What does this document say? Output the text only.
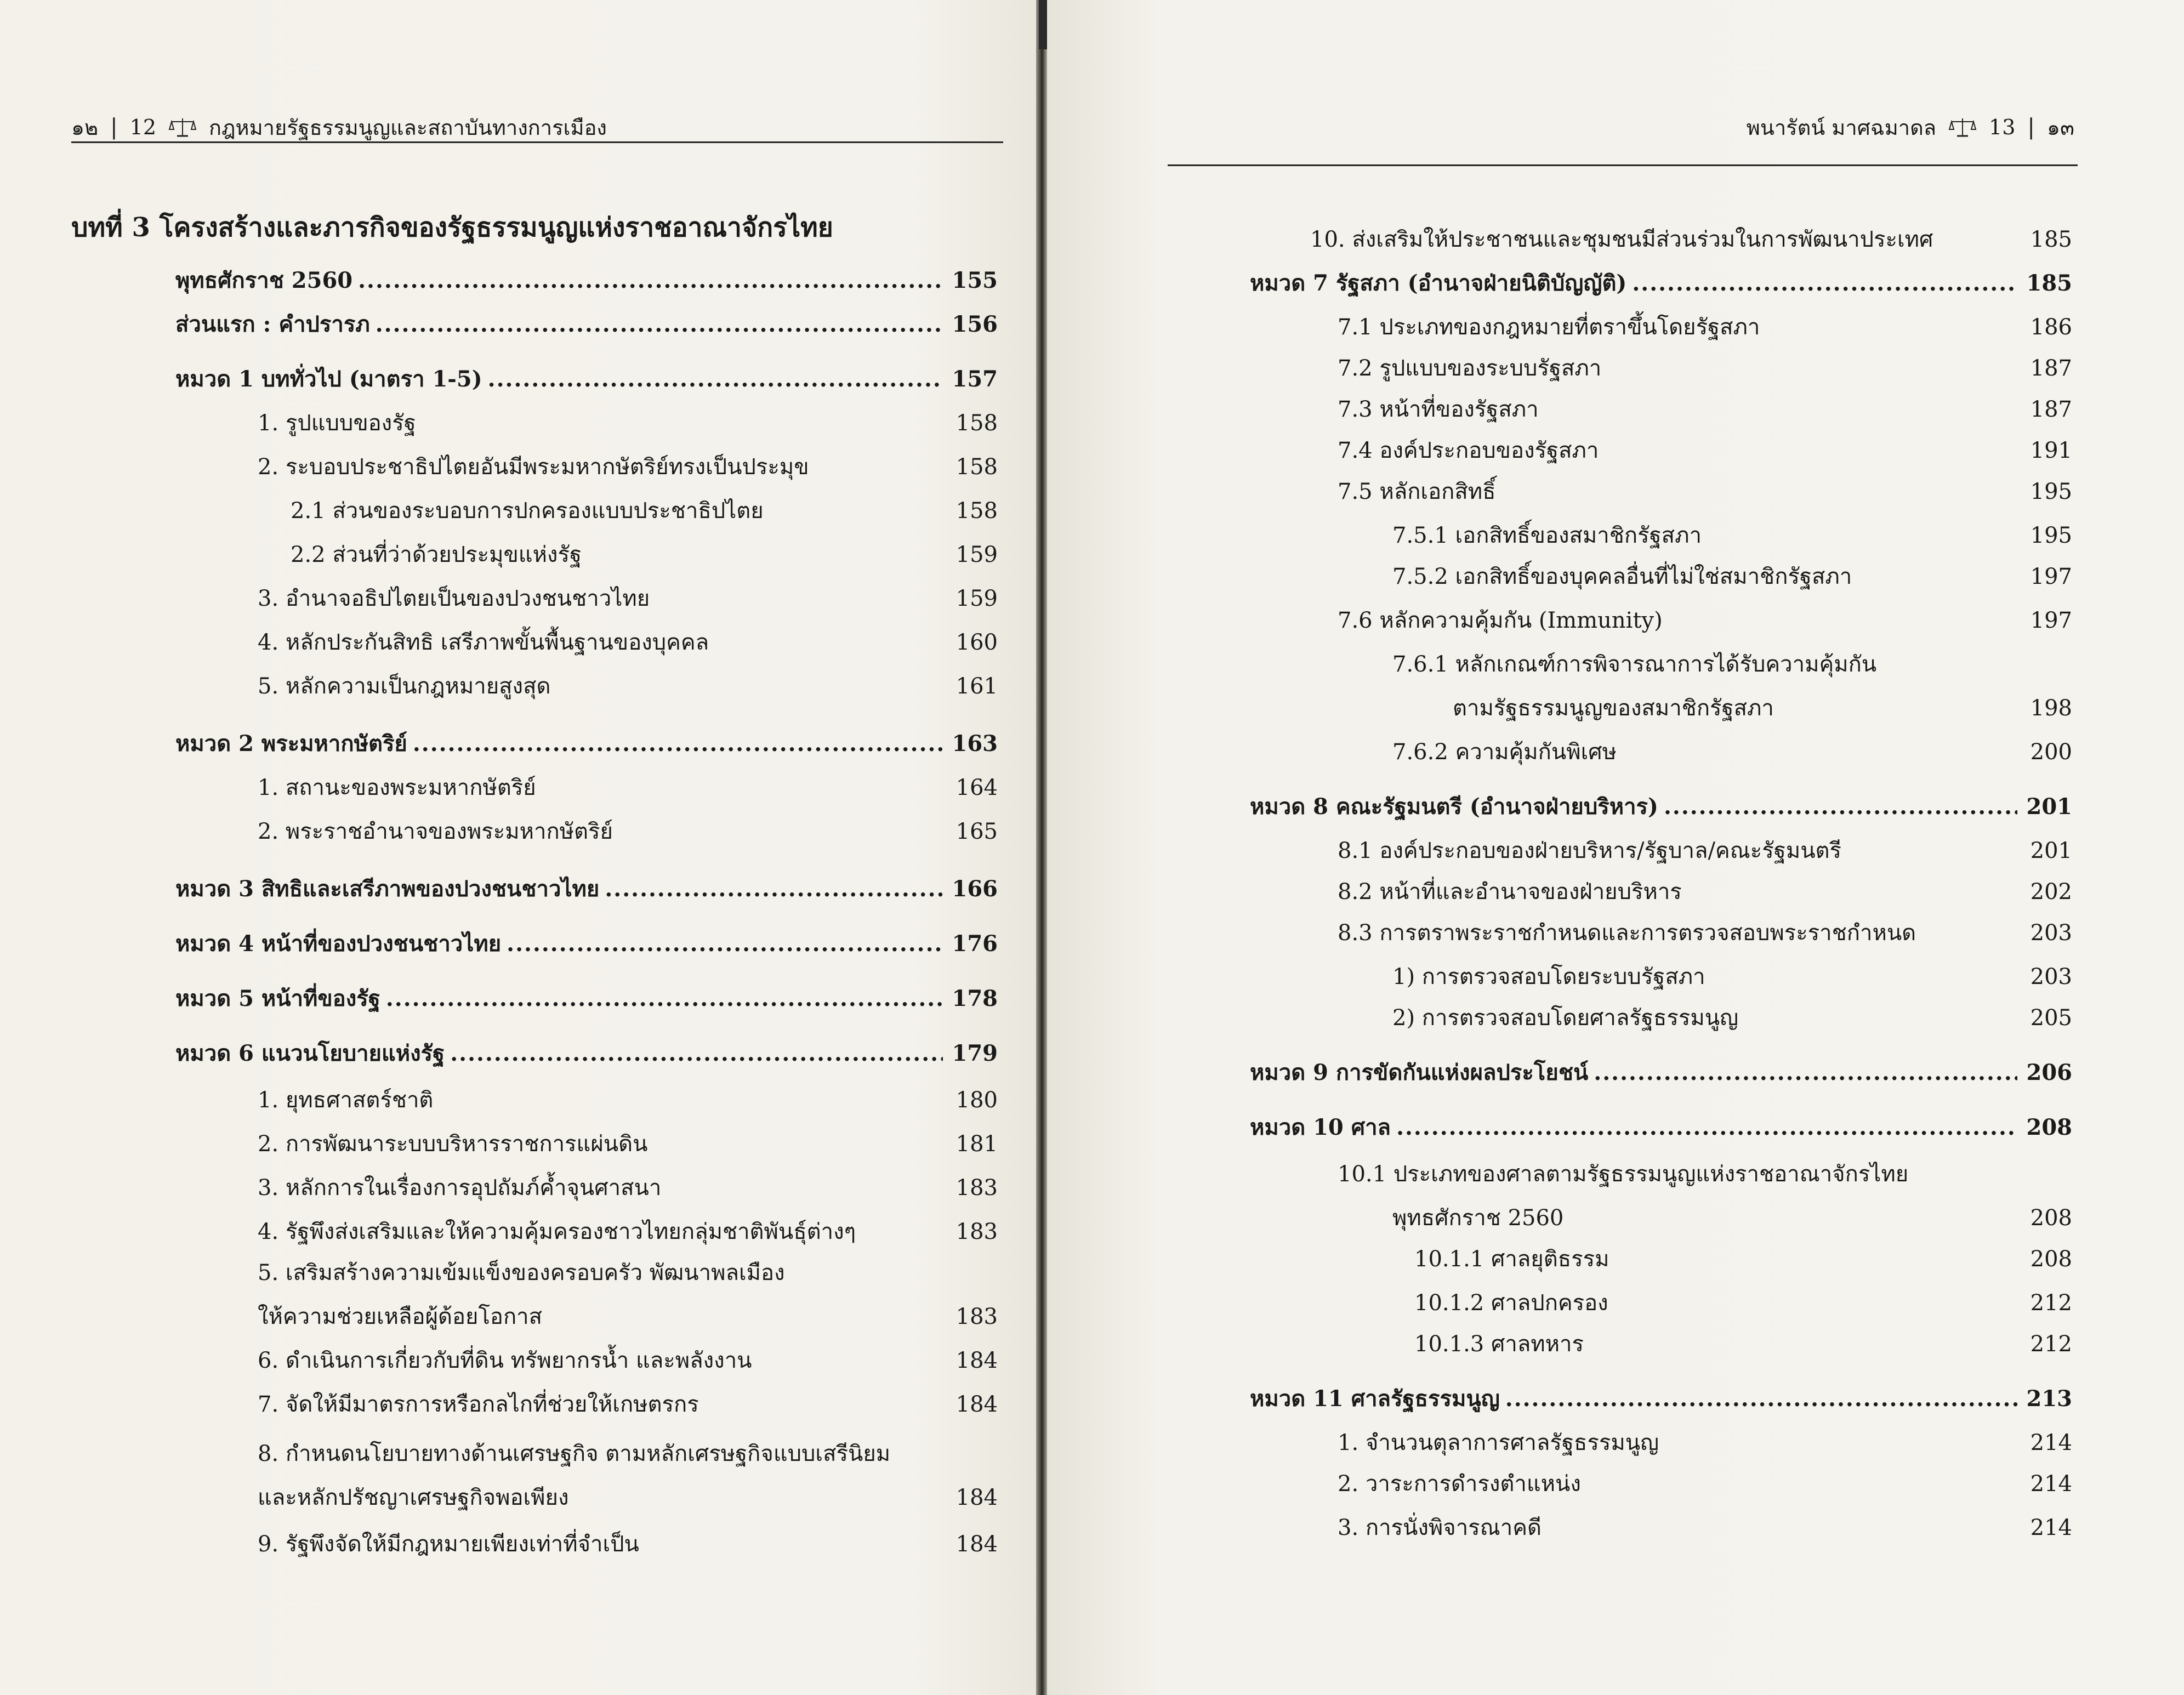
๑๒ | 12	กฎหมายรัฐธรรมนูญและสถาบันทางการเมือง
บทที่ 3 โครงสร้างและภารกิจของรัฐธรรมนูญแห่งราชอาณาจักรไทย
พุทธศักราช 2560 .....	155
ส่วนแรก : คำปรารภ .....	156
หมวด 1 บททั่วไป (มาตรา 1-5) .....	157
1. รูปแบบของรัฐ	158
2. ระบอบประชาธิปไตยอันมีพระมหากษัตริย์ทรงเป็นประมุข	158
2.1 ส่วนของระบอบการปกครองแบบประชาธิปไตย	158
2.2 ส่วนที่ว่าด้วยประมุขแห่งรัฐ	159
3. อำนาจอธิปไตยเป็นของปวงชนชาวไทย	159
4. หลักประกันสิทธิ เสรีภาพขั้นพื้นฐานของบุคคล	160
5. หลักความเป็นกฎหมายสูงสุด	161
หมวด 2 พระมหากษัตริย์ .....	163
1. สถานะของพระมหากษัตริย์	164
2. พระราชอำนาจของพระมหากษัตริย์	165
หมวด 3 สิทธิและเสรีภาพของปวงชนชาวไทย .....	166
หมวด 4 หน้าที่ของปวงชนชาวไทย .....	176
หมวด 5 หน้าที่ของรัฐ .....	178
หมวด 6 แนวนโยบายแห่งรัฐ .....	179
1. ยุทธศาสตร์ชาติ	180
2. การพัฒนาระบบบริหารราชการแผ่นดิน	181
3. หลักการในเรื่องการอุปถัมภ์ค้ำจุนศาสนา	183
4. รัฐพึงส่งเสริมและให้ความคุ้มครองชาวไทยกลุ่มชาติพันธุ์ต่างๆ	183
5. เสริมสร้างความเข้มแข็งของครอบครัว พัฒนาพลเมือง
ให้ความช่วยเหลือผู้ด้อยโอกาส	183
6. ดำเนินการเกี่ยวกับที่ดิน ทรัพยากรน้ำ และพลังงาน	184
7. จัดให้มีมาตรการหรือกลไกที่ช่วยให้เกษตรกร	184
8. กำหนดนโยบายทางด้านเศรษฐกิจ ตามหลักเศรษฐกิจแบบเสรีนิยม
และหลักปรัชญาเศรษฐกิจพอเพียง	184
9. รัฐพึงจัดให้มีกฎหมายเพียงเท่าที่จำเป็น	184

พนารัตน์ มาศฉมาดล	13 | ๑๓
10. ส่งเสริมให้ประชาชนและชุมชนมีส่วนร่วมในการพัฒนาประเทศ	185
หมวด 7 รัฐสภา (อำนาจฝ่ายนิติบัญญัติ) .....	185
7.1 ประเภทของกฎหมายที่ตราขึ้นโดยรัฐสภา	186
7.2 รูปแบบของระบบรัฐสภา	187
7.3 หน้าที่ของรัฐสภา	187
7.4 องค์ประกอบของรัฐสภา	191
7.5 หลักเอกสิทธิ์	195
7.5.1 เอกสิทธิ์ของสมาชิกรัฐสภา	195
7.5.2 เอกสิทธิ์ของบุคคลอื่นที่ไม่ใช่สมาชิกรัฐสภา	197
7.6 หลักความคุ้มกัน (Immunity)	197
7.6.1 หลักเกณฑ์การพิจารณาการได้รับความคุ้มกัน
ตามรัฐธรรมนูญของสมาชิกรัฐสภา	198
7.6.2 ความคุ้มกันพิเศษ	200
หมวด 8 คณะรัฐมนตรี (อำนาจฝ่ายบริหาร) .....	201
8.1 องค์ประกอบของฝ่ายบริหาร/รัฐบาล/คณะรัฐมนตรี	201
8.2 หน้าที่และอำนาจของฝ่ายบริหาร	202
8.3 การตราพระราชกำหนดและการตรวจสอบพระราชกำหนด	203
1) การตรวจสอบโดยระบบรัฐสภา	203
2) การตรวจสอบโดยศาลรัฐธรรมนูญ	205
หมวด 9 การขัดกันแห่งผลประโยชน์ .....	206
หมวด 10 ศาล .....	208
10.1 ประเภทของศาลตามรัฐธรรมนูญแห่งราชอาณาจักรไทย
พุทธศักราช 2560	208
10.1.1 ศาลยุติธรรม	208
10.1.2 ศาลปกครอง	212
10.1.3 ศาลทหาร	212
หมวด 11 ศาลรัฐธรรมนูญ .....	213
1. จำนวนตุลาการศาลรัฐธรรมนูญ	214
2. วาระการดำรงตำแหน่ง	214
3. การนั่งพิจารณาคดี	214
